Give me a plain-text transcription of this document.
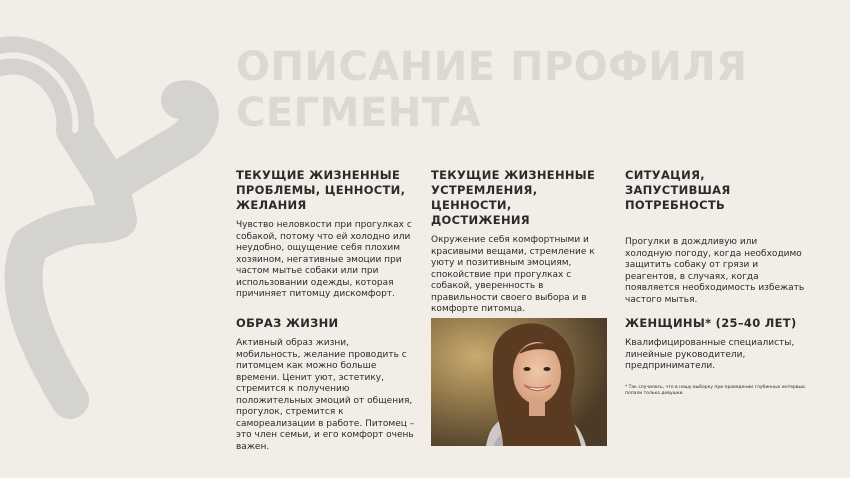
ОПИСАНИЕ ПРОФИЛЯ СЕГМЕНТА
ТЕКУЩИЕ ЖИЗНЕННЫЕ ПРОБЛЕМЫ, ЦЕННОСТИ, ЖЕЛАНИЯ

Чувство неловкости при прогулках с собакой, потому что ей холодно или неудобно, ощущение себя плохим хозяином, негативные эмоции при частом мытье собаки или при использовании одежды, которая причиняет питомцу дискомфорт.

ТЕКУЩИЕ ЖИЗНЕННЫЕ УСТРЕМЛЕНИЯ, ЦЕННОСТИ, ДОСТИЖЕНИЯ

Окружение себя комфортными и красивыми вещами, стремление к уюту и позитивным эмоциям, спокойствие при прогулках с собакой, уверенность в правильности своего выбора и в комфорте питомца.

СИТУАЦИЯ, ЗАПУСТИВШАЯ ПОТРЕБНОСТЬ

Прогулки в дождливую или холодную погоду, когда необходимо защитить собаку от грязи и реагентов, в случаях, когда появляется необходимость избежать частого мытья.

ОБРАЗ ЖИЗНИ

Активный образ жизни, мобильность, желание проводить с питомцем как можно больше времени. Ценит уют, эстетику, стремится к получению положительных эмоций от общения, прогулок, стремится к самореализации в работе. Питомец – это член семьи, и его комфорт очень важен.

ЖЕНЩИНЫ* (25–40 ЛЕТ)

Квалифицированные специалисты, линейные руководители, предприниматели.

* Так случилось, что в нашу выборку при проведении глубинных интервью попали только девушки.
